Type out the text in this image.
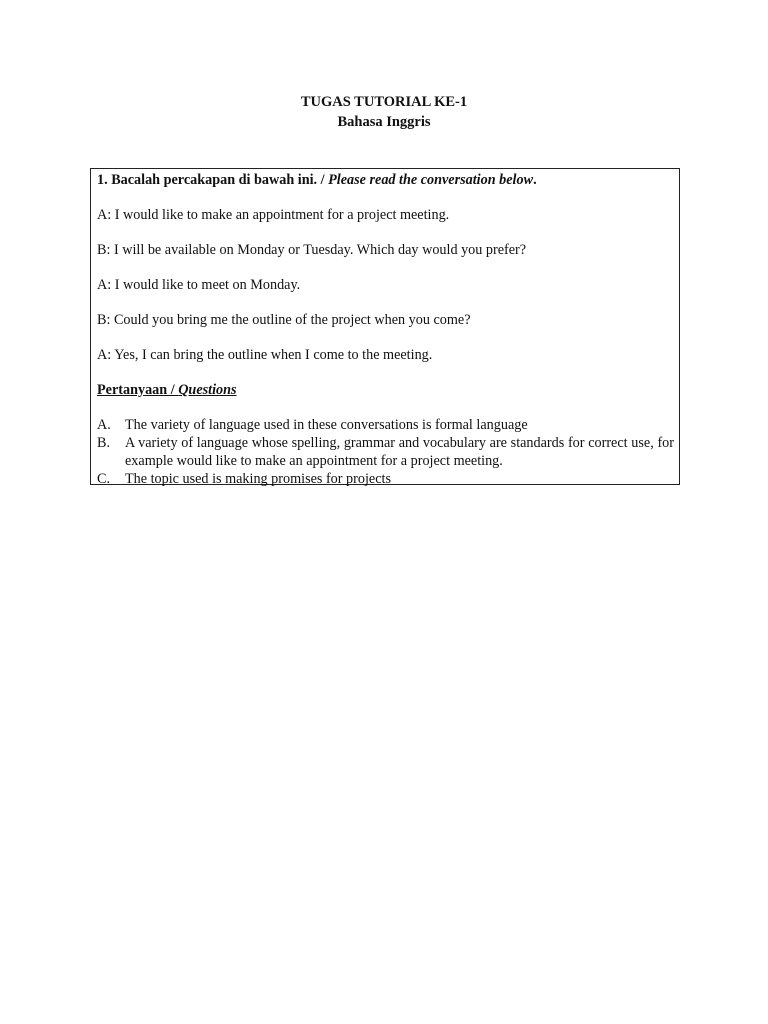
TUGAS TUTORIAL KE-1
Bahasa Inggris

1. Bacalah percakapan di bawah ini. / Please read the conversation below.

A: I would like to make an appointment for a project meeting.

B: I will be available on Monday or Tuesday. Which day would you prefer?

A: I would like to meet on Monday.

B: Could you bring me the outline of the project when you come?

A: Yes, I can bring the outline when I come to the meeting.

Pertanyaan / Questions

A.	The variety of language used in these conversations is formal language
B.	A variety of language whose spelling, grammar and vocabulary are standards for correct use, for example would like to make an appointment for a project meeting.
C.	The topic used is making promises for projects
